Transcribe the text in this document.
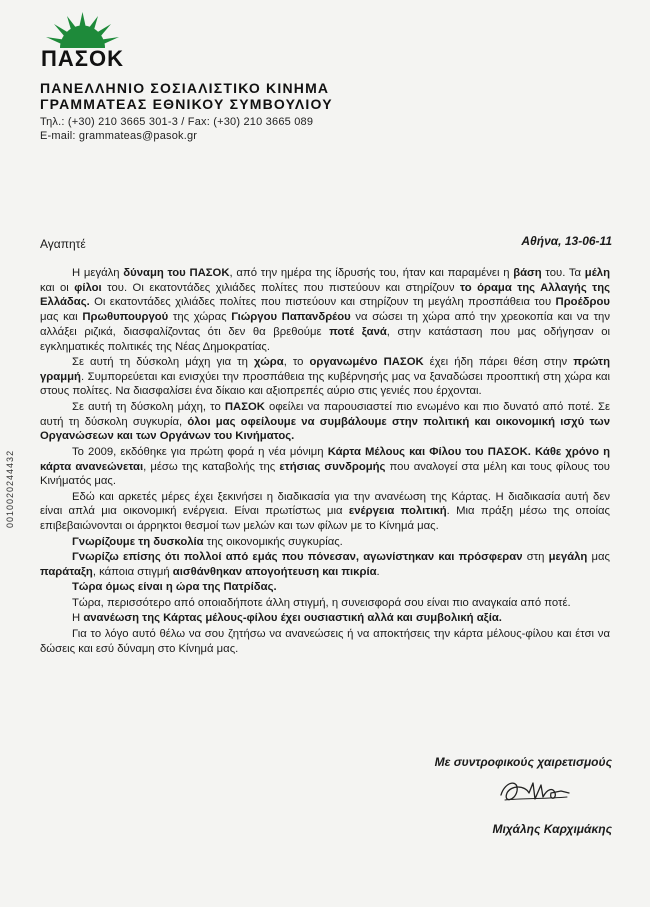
ΠΑΣΟΚ
ΠΑΝΕΛΛΗΝΙΟ ΣΟΣΙΑΛΙΣΤΙΚΟ ΚΙΝΗΜΑ
ΓΡΑΜΜΑΤΕΑΣ ΕΘΝΙΚΟΥ ΣΥΜΒΟΥΛΙΟΥ
Τηλ.: (+30) 210 3665 301-3 / Fax: (+30) 210 3665 089
E-mail: grammateas@pasok.gr
Αγαπητέ	Αθήνα, 13-06-11
0010020244432

Η μεγάλη δύναμη του ΠΑΣΟΚ, από την ημέρα της ίδρυσής του, ήταν και παραμένει η βάση του. Τα μέλη και οι φίλοι του. Οι εκατοντάδες χιλιάδες πολίτες που πιστεύουν και στηρίζουν το όραμα της Αλλαγής της Ελλάδας. Οι εκατοντάδες χιλιάδες πολίτες που πιστεύουν και στηρίζουν τη μεγάλη προσπάθεια του Προέδρου μας και Πρωθυπουργού της χώρας Γιώργου Παπανδρέου να σώσει τη χώρα από την χρεοκοπία και να την αλλάξει ριζικά, διασφαλίζοντας ότι δεν θα βρεθούμε ποτέ ξανά, στην κατάσταση που μας οδήγησαν οι εγκληματικές πολιτικές της Νέας Δημοκρατίας.

Σε αυτή τη δύσκολη μάχη για τη χώρα, το οργανωμένο ΠΑΣΟΚ έχει ήδη πάρει θέση στην πρώτη γραμμή. Συμπορεύεται και ενισχύει την προσπάθεια της κυβέρνησής μας να ξαναδώσει προοπτική στη χώρα και στους πολίτες. Να διασφαλίσει ένα δίκαιο και αξιοπρεπές αύριο στις γενιές που έρχονται.

Σε αυτή τη δύσκολη μάχη, το ΠΑΣΟΚ οφείλει να παρουσιαστεί πιο ενωμένο και πιο δυνατό από ποτέ. Σε αυτή τη δύσκολη συγκυρία, όλοι μας οφείλουμε να συμβάλουμε στην πολιτική και οικονομική ισχύ των Οργανώσεων και των Οργάνων του Κινήματος.

Το 2009, εκδόθηκε για πρώτη φορά η νέα μόνιμη Κάρτα Μέλους και Φίλου του ΠΑΣΟΚ. Κάθε χρόνο η κάρτα ανανεώνεται, μέσω της καταβολής της ετήσιας συνδρομής που αναλογεί στα μέλη και τους φίλους του Κινήματός μας.

Εδώ και αρκετές μέρες έχει ξεκινήσει η διαδικασία για την ανανέωση της Κάρτας. Η διαδικασία αυτή δεν είναι απλά μια οικονομική ενέργεια. Είναι πρωτίστως μια ενέργεια πολιτική. Μια πράξη μέσω της οποίας επιβεβαιώνονται οι άρρηκτοι θεσμοί των μελών και των φίλων με το Κίνημά μας.

Γνωρίζουμε τη δυσκολία της οικονομικής συγκυρίας.

Γνωρίζω επίσης ότι πολλοί από εμάς που πόνεσαν, αγωνίστηκαν και πρόσφεραν στη μεγάλη μας παράταξη, κάποια στιγμή αισθάνθηκαν απογοήτευση και πικρία.

Τώρα όμως είναι η ώρα της Πατρίδας.

Τώρα, περισσότερο από οποιαδήποτε άλλη στιγμή, η συνεισφορά σου είναι πιο αναγκαία από ποτέ.

Η ανανέωση της Κάρτας μέλους-φίλου έχει ουσιαστική αλλά και συμβολική αξία.

Για το λόγο αυτό θέλω να σου ζητήσω να ανανεώσεις ή να αποκτήσεις την κάρτα μέλους-φίλου και έτσι να δώσεις και εσύ δύναμη στο Κίνημά μας.

Με συντροφικούς χαιρετισμούς
Μιχάλης Καρχιμάκης
